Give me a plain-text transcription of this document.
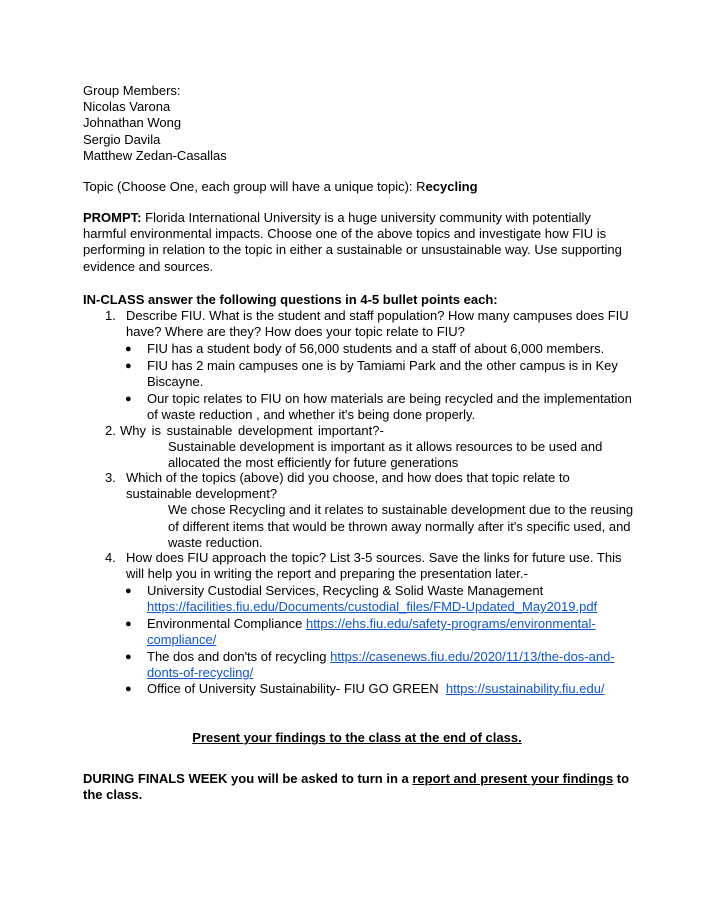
Group Members:
Nicolas Varona
Johnathan Wong
Sergio Davila
Matthew Zedan-Casallas
Topic (Choose One, each group will have a unique topic): Recycling
PROMPT: Florida International University is a huge university community with potentially
harmful environmental impacts. Choose one of the above topics and investigate how FIU is
performing in relation to the topic in either a sustainable or unsustainable way. Use supporting
evidence and sources.
IN-CLASS answer the following questions in 4-5 bullet points each:
1. Describe FIU. What is the student and staff population? How many campuses does FIU
have? Where are they? How does your topic relate to FIU?
● FIU has a student body of 56,000 students and a staff of about 6,000 members.
● FIU has 2 main campuses one is by Tamiami Park and the other campus is in Key
Biscayne.
● Our topic relates to FIU on how materials are being recycled and the implementation
of waste reduction , and whether it's being done properly.
2. Why is sustainable development important?-
Sustainable development is important as it allows resources to be used and
allocated the most efficiently for future generations
3. Which of the topics (above) did you choose, and how does that topic relate to
sustainable development?
We chose Recycling and it relates to sustainable development due to the reusing
of different items that would be thrown away normally after it's specific used, and
waste reduction.
4. How does FIU approach the topic? List 3-5 sources. Save the links for future use. This
will help you in writing the report and preparing the presentation later.-
● University Custodial Services, Recycling & Solid Waste Management
https://facilities.fiu.edu/Documents/custodial_files/FMD-Updated_May2019.pdf
● Environmental Compliance https://ehs.fiu.edu/safety-programs/environmental-
compliance/
● The dos and don'ts of recycling https://casenews.fiu.edu/2020/11/13/the-dos-and-
donts-of-recycling/
● Office of University Sustainability- FIU GO GREEN  https://sustainability.fiu.edu/
Present your findings to the class at the end of class.
DURING FINALS WEEK you will be asked to turn in a report and present your findings to
the class.
